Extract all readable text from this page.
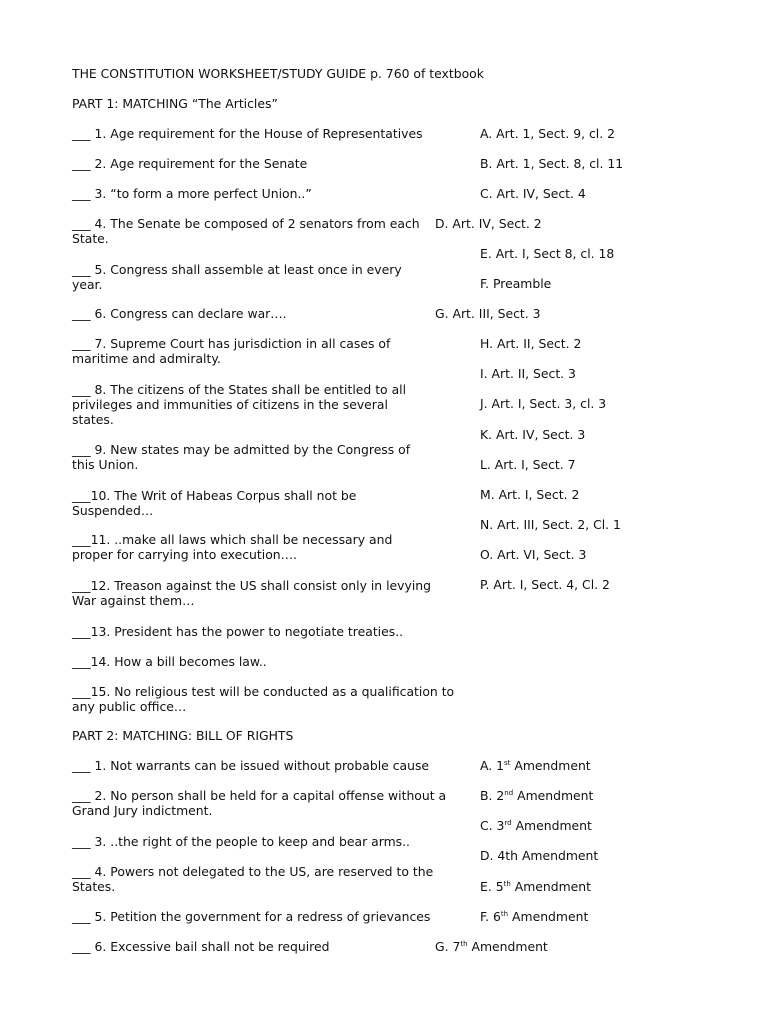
THE CONSTITUTION WORKSHEET/STUDY GUIDE p. 760 of textbook
PART 1: MATCHING “The Articles”
___ 1. Age requirement for the House of Representatives
___ 2. Age requirement for the Senate
___ 3. “to form a more perfect Union..”
___ 4. The Senate be composed of 2 senators from each State.
___ 5. Congress shall assemble at least once in every year.
___ 6. Congress can declare war….
___ 7. Supreme Court has jurisdiction in all cases of maritime and admiralty.
___ 8. The citizens of the States shall be entitled to all privileges and immunities of citizens in the several states.
___ 9. New states may be admitted by the Congress of this Union.
___10. The Writ of Habeas Corpus shall not be Suspended…
___11. ..make all laws which shall be necessary and proper for carrying into execution….
___12. Treason against the US shall consist only in levying War against them…
___13. President has the power to negotiate treaties..
___14. How a bill becomes law..
___15. No religious test will be conducted as a qualification to any public office…
A. Art. 1, Sect. 9, cl. 2
B. Art. 1, Sect. 8, cl. 11
C. Art. IV, Sect. 4
D. Art. IV, Sect. 2
E. Art. I, Sect 8, cl. 18
F. Preamble
G. Art. III, Sect. 3
H. Art. II, Sect. 2
I. Art. II, Sect. 3
J. Art. I, Sect. 3, cl. 3
K. Art. IV, Sect. 3
L. Art. I, Sect. 7
M. Art. I, Sect. 2
N. Art. III, Sect. 2, Cl. 1
O. Art. VI, Sect. 3
P. Art. I, Sect. 4, Cl. 2
PART 2: MATCHING: BILL OF RIGHTS
___ 1. Not warrants can be issued without probable cause
___ 2. No person shall be held for a capital offense without a Grand Jury indictment.
___ 3. ..the right of the people to keep and bear arms..
___ 4. Powers not delegated to the US, are reserved to the States.
___ 5. Petition the government for a redress of grievances
___ 6. Excessive bail shall not be required
A. 1st Amendment
B. 2nd Amendment
C. 3rd Amendment
D. 4th Amendment
E. 5th Amendment
F. 6th Amendment
G. 7th Amendment
